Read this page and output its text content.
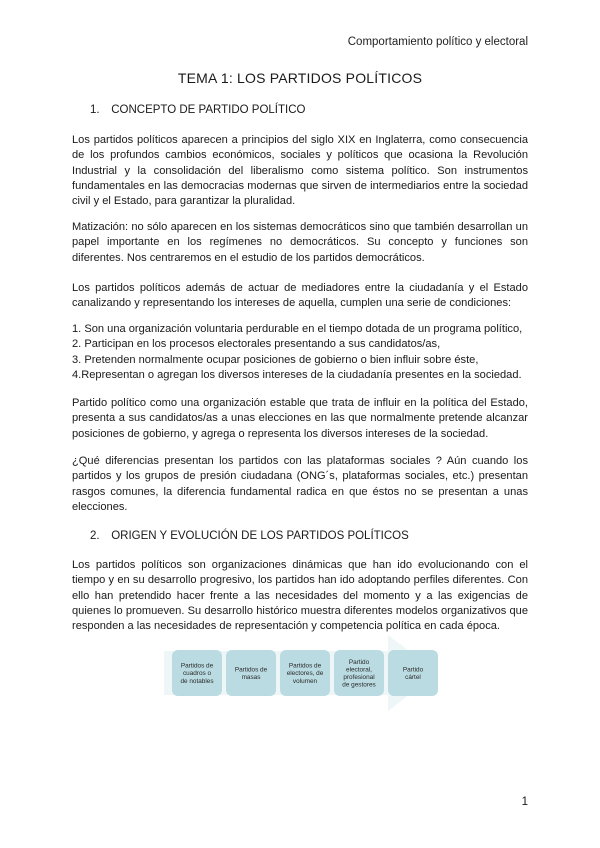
Comportamiento político y electoral
TEMA 1: LOS PARTIDOS POLÍTICOS
1. CONCEPTO DE PARTIDO POLÍTICO

Los partidos políticos aparecen a principios del siglo XIX en Inglaterra, como consecuencia de los profundos cambios económicos, sociales y políticos que ocasiona la Revolución Industrial y la consolidación del liberalismo como sistema político. Son instrumentos fundamentales en las democracias modernas que sirven de intermediarios entre la sociedad civil y el Estado, para garantizar la pluralidad.

Matización: no sólo aparecen en los sistemas democráticos sino que también desarrollan un papel importante en los regímenes no democráticos. Su concepto y funciones son diferentes. Nos centraremos en el estudio de los partidos democráticos.

Los partidos políticos además de actuar de mediadores entre la ciudadanía y el Estado canalizando y representando los intereses de aquella, cumplen una serie de condiciones:

1. Son una organización voluntaria perdurable en el tiempo dotada de un programa político,
2. Participan en los procesos electorales presentando a sus candidatos/as,
3. Pretenden normalmente ocupar posiciones de gobierno o bien influir sobre éste,
4.Representan o agregan los diversos intereses de la ciudadanía presentes en la sociedad.

Partido político como una organización estable que trata de influir en la política del Estado, presenta a sus candidatos/as a unas elecciones en las que normalmente pretende alcanzar posiciones de gobierno, y agrega o representa los diversos intereses de la sociedad.

¿Qué diferencias presentan los partidos con las plataformas sociales ? Aún cuando los partidos y los grupos de presión ciudadana (ONG´s, plataformas sociales, etc.) presentan rasgos comunes, la diferencia fundamental radica en que éstos no se presentan a unas elecciones.

2. ORIGEN Y EVOLUCIÓN DE LOS PARTIDOS POLÍTICOS

Los partidos políticos son organizaciones dinámicas que han ido evolucionando con el tiempo y en su desarrollo progresivo, los partidos han ido adoptando perfiles diferentes. Con ello han pretendido hacer frente a las necesidades del momento y a las exigencias de quienes lo promueven. Su desarrollo histórico muestra diferentes modelos organizativos que responden a las necesidades de representación y competencia política en cada época.

Partidos de
cuadros o
de notables
Partidos de
masas
Partidos de
electores, de
volumen
Partido
electoral,
profesional
de gestores
Partido
cártel
1
